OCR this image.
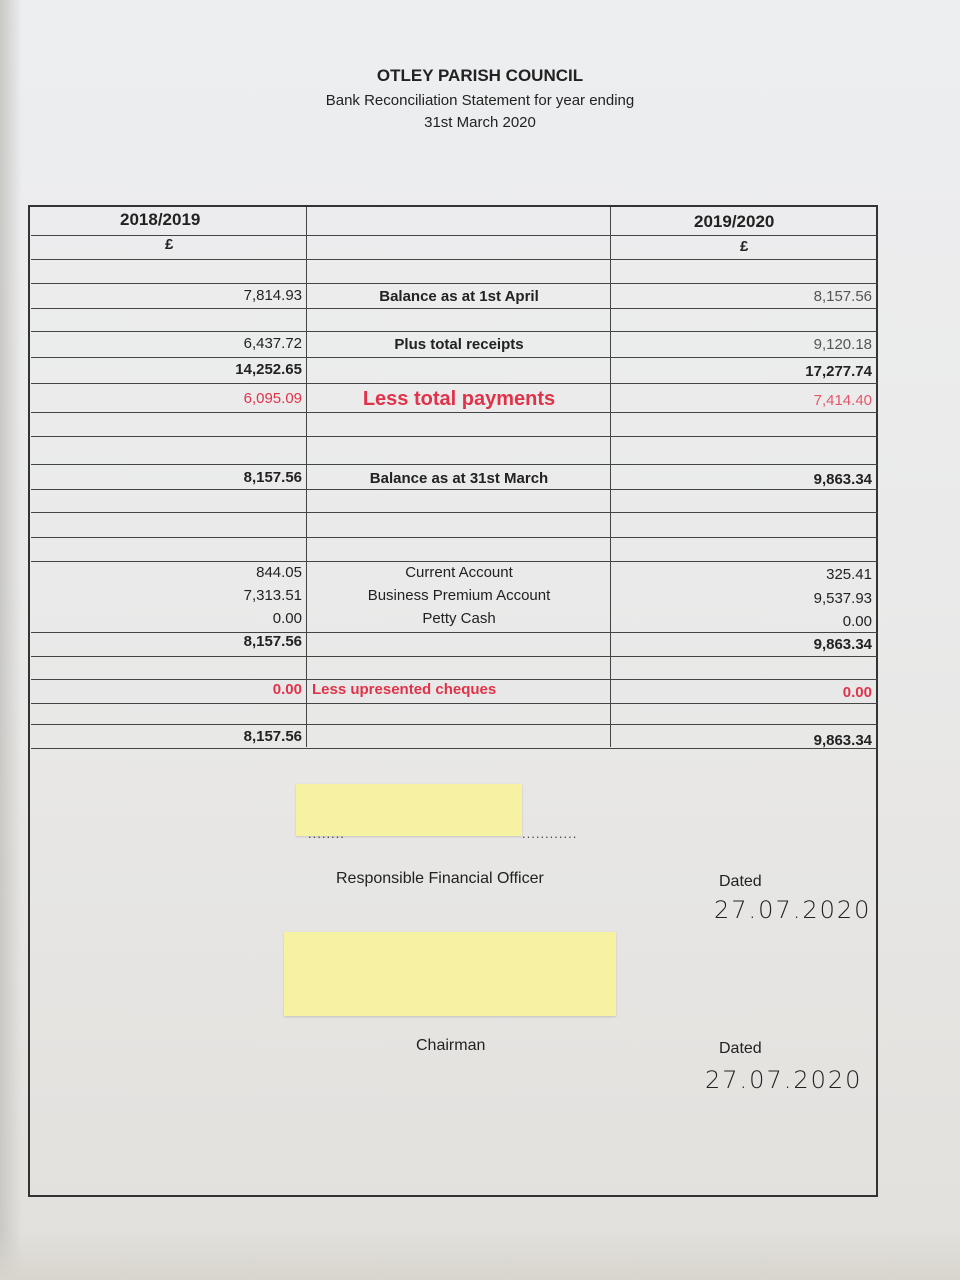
OTLEY PARISH COUNCIL
Bank Reconciliation Statement for year ending
31st March 2020
2018/2019
£
2019/2020
£
7,814.93	Balance as at 1st April	8,157.56
6,437.72	Plus total receipts	9,120.18
14,252.65	17,277.74
6,095.09	Less total payments	7,414.40
8,157.56	Balance as at 31st March	9,863.34
844.05	Current Account	325.41
7,313.51	Business Premium Account	9,537.93
0.00	Petty Cash	0.00
8,157.56	9,863.34
0.00 Less upresented cheques	0.00
8,157.56	9,863.34
........	............
Responsible Financial Officer	Dated
27.07.2020
Chairman	Dated
27.07.2020
